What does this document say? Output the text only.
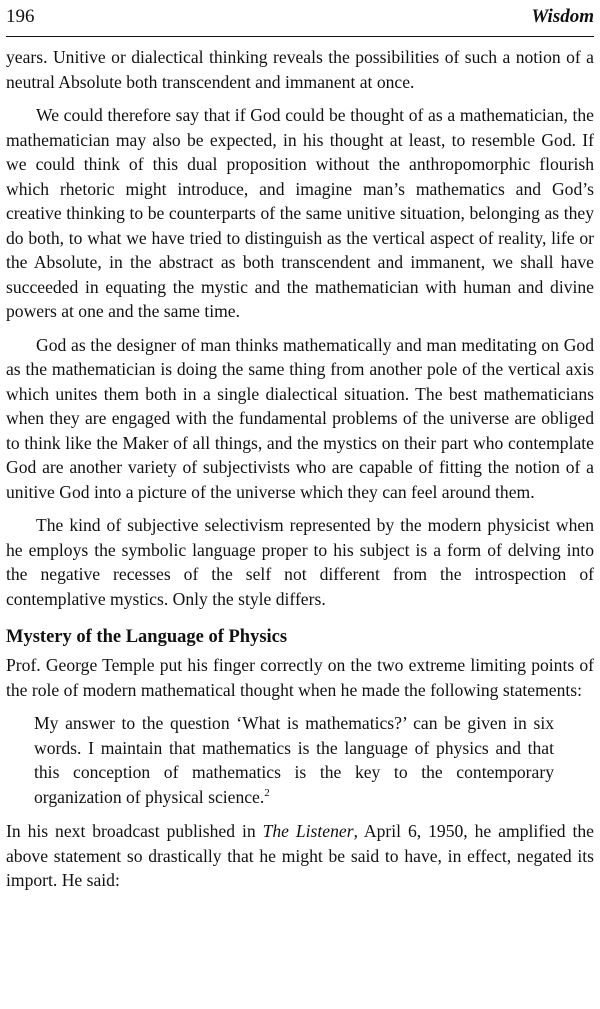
196	Wisdom

years. Unitive or dialectical thinking reveals the possibilities of such a notion of a neutral Absolute both transcendent and immanent at once.

We could therefore say that if God could be thought of as a mathematician, the mathematician may also be expected, in his thought at least, to resemble God. If we could think of this dual proposition without the anthropomorphic flourish which rhetoric might introduce, and imagine man’s mathematics and God’s creative thinking to be counterparts of the same unitive situation, belonging as they do both, to what we have tried to distinguish as the vertical aspect of reality, life or the Absolute, in the abstract as both transcendent and immanent, we shall have succeeded in equating the mystic and the mathematician with human and divine powers at one and the same time.

God as the designer of man thinks mathematically and man meditating on God as the mathematician is doing the same thing from another pole of the vertical axis which unites them both in a single dialectical situation. The best mathematicians when they are engaged with the fundamental problems of the universe are obliged to think like the Maker of all things, and the mystics on their part who contemplate God are another variety of subjectivists who are capable of fitting the notion of a unitive God into a picture of the universe which they can feel around them.

The kind of subjective selectivism represented by the modern physicist when he employs the symbolic language proper to his subject is a form of delving into the negative recesses of the self not different from the introspection of contemplative mystics. Only the style differs.

Mystery of the Language of Physics

Prof. George Temple put his finger correctly on the two extreme limiting points of the role of modern mathematical thought when he made the following statements:

My answer to the question ‘What is mathematics?’ can be given in six words. I maintain that mathematics is the language of physics and that this conception of mathematics is the key to the contemporary organization of physical science.$^2$

In his next broadcast published in The Listener, April 6, 1950, he amplified the above statement so drastically that he might be said to have, in effect, negated its import. He said:
